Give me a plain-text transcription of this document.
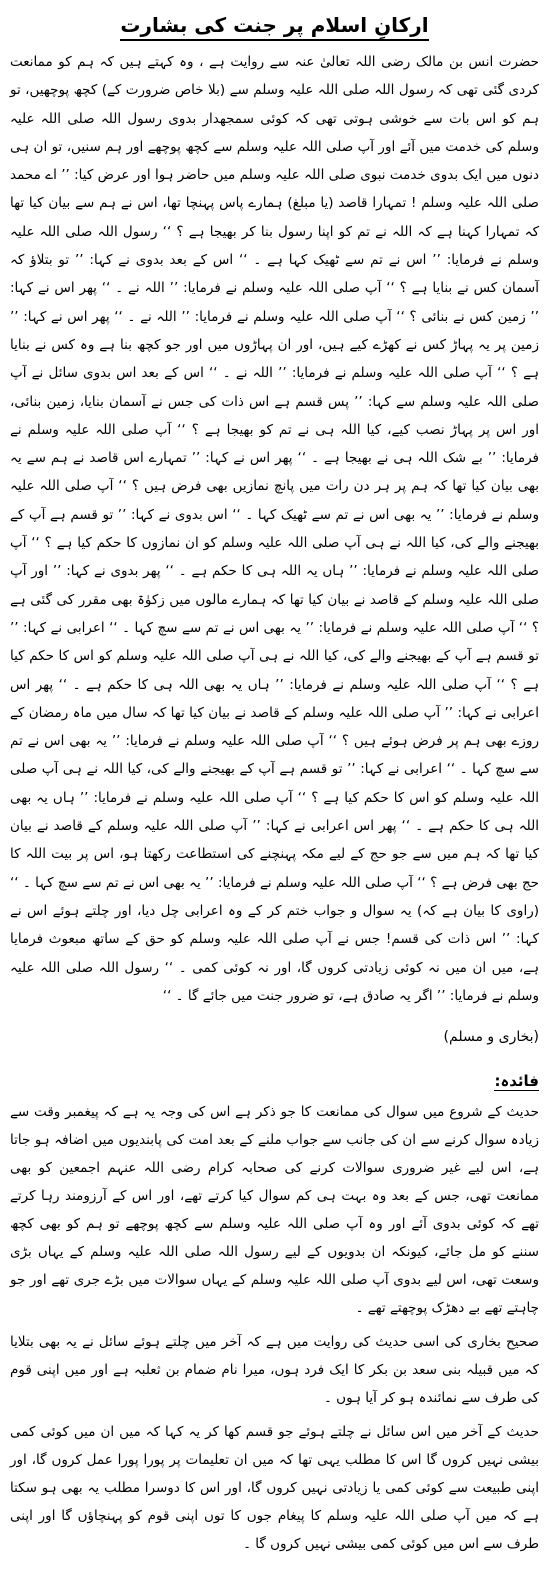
ارکانِ اسلام پر جنت کی بشارت

حضرت انس بن مالک رضی اللہ تعالیٰ عنہ سے روایت ہے ، وہ کہتے ہیں کہ ہم کو ممانعت کردی گئی تھی کہ رسول اللہ صلی اللہ علیہ وسلم سے (بلا خاص ضرورت کے) کچھ پوچھیں، تو ہم کو اس بات سے خوشی ہوتی تھی کہ کوئی سمجھدار بدوی رسول اللہ صلی اللہ علیہ وسلم کی خدمت میں آئے اور آپ صلی اللہ علیہ وسلم سے کچھ پوچھے اور ہم سنیں، تو ان ہی دنوں میں ایک بدوی خدمت نبوی صلی اللہ علیہ وسلم میں حاضر ہوا اور عرض کیا: ’’ اے محمد صلی اللہ علیہ وسلم ! تمہارا قاصد (یا مبلغ) ہمارے پاس پہنچا تھا، اس نے ہم سے بیان کیا تھا کہ تمہارا کہنا ہے کہ اللہ نے تم کو اپنا رسول بنا کر بھیجا ہے ؟ ‘‘ رسول اللہ صلی اللہ علیہ وسلم نے فرمایا: ’’ اس نے تم سے ٹھیک کہا ہے ۔ ‘‘ اس کے بعد بدوی نے کہا: ’’ تو بتلاؤ کہ آسمان کس نے بنایا ہے ؟ ‘‘ آپ صلی اللہ علیہ وسلم نے فرمایا: ’’ اللہ نے ۔ ‘‘ پھر اس نے کہا: ’’ زمین کس نے بنائی ؟ ‘‘ آپ صلی اللہ علیہ وسلم نے فرمایا: ’’ اللہ نے ۔ ‘‘ پھر اس نے کہا: ’’ زمین پر یہ پہاڑ کس نے کھڑے کیے ہیں، اور ان پہاڑوں میں اور جو کچھ بنا ہے وہ کس نے بنایا ہے ؟ ‘‘ آپ صلی اللہ علیہ وسلم نے فرمایا: ’’ اللہ نے ۔ ‘‘ اس کے بعد اس بدوی سائل نے آپ صلی اللہ علیہ وسلم سے کہا: ’’ پس قسم ہے اس ذات کی جس نے آسمان بنایا، زمین بنائی، اور اس پر پہاڑ نصب کیے، کیا اللہ ہی نے تم کو بھیجا ہے ؟ ‘‘ آپ صلی اللہ علیہ وسلم نے فرمایا: ’’ بے شک اللہ ہی نے بھیجا ہے ۔ ‘‘ پھر اس نے کہا: ’’ تمہارے اس قاصد نے ہم سے یہ بھی بیان کیا تھا کہ ہم پر ہر دن رات میں پانچ نمازیں بھی فرض ہیں ؟ ‘‘ آپ صلی اللہ علیہ وسلم نے فرمایا: ’’ یہ بھی اس نے تم سے ٹھیک کہا ۔ ‘‘ اس بدوی نے کہا: ’’ تو قسم ہے آپ کے بھیجنے والے کی، کیا اللہ نے ہی آپ صلی اللہ علیہ وسلم کو ان نمازوں کا حکم کیا ہے ؟ ‘‘ آپ صلی اللہ علیہ وسلم نے فرمایا: ’’ ہاں یہ اللہ ہی کا حکم ہے ۔ ‘‘ پھر بدوی نے کہا: ’’ اور آپ صلی اللہ علیہ وسلم کے قاصد نے بیان کیا تھا کہ ہمارے مالوں میں زکوٰۃ بھی مقرر کی گئی ہے ؟ ‘‘ آپ صلی اللہ علیہ وسلم نے فرمایا: ’’ یہ بھی اس نے تم سے سچ کہا ۔ ‘‘ اعرابی نے کہا: ’’ تو قسم ہے آپ کے بھیجنے والے کی، کیا اللہ نے ہی آپ صلی اللہ علیہ وسلم کو اس کا حکم کیا ہے ؟ ‘‘ آپ صلی اللہ علیہ وسلم نے فرمایا: ’’ ہاں یہ بھی اللہ ہی کا حکم ہے ۔ ‘‘ پھر اس اعرابی نے کہا: ’’ آپ صلی اللہ علیہ وسلم کے قاصد نے بیان کیا تھا کہ سال میں ماہ رمضان کے روزے بھی ہم پر فرض ہوئے ہیں ؟ ‘‘ آپ صلی اللہ علیہ وسلم نے فرمایا: ’’ یہ بھی اس نے تم سے سچ کہا ۔ ‘‘ اعرابی نے کہا: ’’ تو قسم ہے آپ کے بھیجنے والے کی، کیا اللہ نے ہی آپ صلی اللہ علیہ وسلم کو اس کا حکم کیا ہے ؟ ‘‘ آپ صلی اللہ علیہ وسلم نے فرمایا: ’’ ہاں یہ بھی اللہ ہی کا حکم ہے ۔ ‘‘ پھر اس اعرابی نے کہا: ’’ آپ صلی اللہ علیہ وسلم کے قاصد نے بیان کیا تھا کہ ہم میں سے جو حج کے لیے مکہ پہنچنے کی استطاعت رکھتا ہو، اس پر بیت اللہ کا حج بھی فرض ہے ؟ ‘‘ آپ صلی اللہ علیہ وسلم نے فرمایا: ’’ یہ بھی اس نے تم سے سچ کہا ۔ ‘‘ (راوی کا بیان ہے کہ) یہ سوال و جواب ختم کر کے وہ اعرابی چل دیا، اور چلتے ہوئے اس نے کہا: ’’ اس ذات کی قسم! جس نے آپ صلی اللہ علیہ وسلم کو حق کے ساتھ مبعوث فرمایا ہے، میں ان میں نہ کوئی زیادتی کروں گا، اور نہ کوئی کمی ۔ ‘‘ رسول اللہ صلی اللہ علیہ وسلم نے فرمایا: ’’ اگر یہ صادق ہے، تو ضرور جنت میں جائے گا ۔ ‘‘

(بخاری و مسلم)

فائدہ:

حدیث کے شروع میں سوال کی ممانعت کا جو ذکر ہے اس کی وجہ یہ ہے کہ پیغمبر وقت سے زیادہ سوال کرنے سے ان کی جانب سے جواب ملنے کے بعد امت کی پابندیوں میں اضافہ ہو جاتا ہے، اس لیے غیر ضروری سوالات کرنے کی صحابہ کرام رضی اللہ عنہم اجمعین کو بھی ممانعت تھی، جس کے بعد وہ بہت ہی کم سوال کیا کرتے تھے، اور اس کے آرزومند رہا کرتے تھے کہ کوئی بدوی آئے اور وہ آپ صلی اللہ علیہ وسلم سے کچھ پوچھے تو ہم کو بھی کچھ سننے کو مل جائے، کیونکہ ان بدویوں کے لیے رسول اللہ صلی اللہ علیہ وسلم کے یہاں بڑی وسعت تھی، اس لیے بدوی آپ صلی اللہ علیہ وسلم کے یہاں سوالات میں بڑے جری تھے اور جو چاہتے تھے بے دھڑک پوچھتے تھے ۔

صحیح بخاری کی اسی حدیث کی روایت میں ہے کہ آخر میں چلتے ہوئے سائل نے یہ بھی بتلایا کہ میں قبیلہ بنی سعد بن بکر کا ایک فرد ہوں، میرا نام ضمام بن ثعلبہ ہے اور میں اپنی قوم کی طرف سے نمائندہ ہو کر آیا ہوں ۔

حدیث کے آخر میں اس سائل نے چلتے ہوئے جو قسم کھا کر یہ کہا کہ میں ان میں کوئی کمی بیشی نہیں کروں گا اس کا مطلب یہی تھا کہ میں ان تعلیمات پر پورا پورا عمل کروں گا، اور اپنی طبیعت سے کوئی کمی یا زیادتی نہیں کروں گا، اور اس کا دوسرا مطلب یہ بھی ہو سکتا ہے کہ میں آپ صلی اللہ علیہ وسلم کا پیغام جوں کا توں اپنی قوم کو پہنچاؤں گا اور اپنی طرف سے اس میں کوئی کمی بیشی نہیں کروں گا ۔
